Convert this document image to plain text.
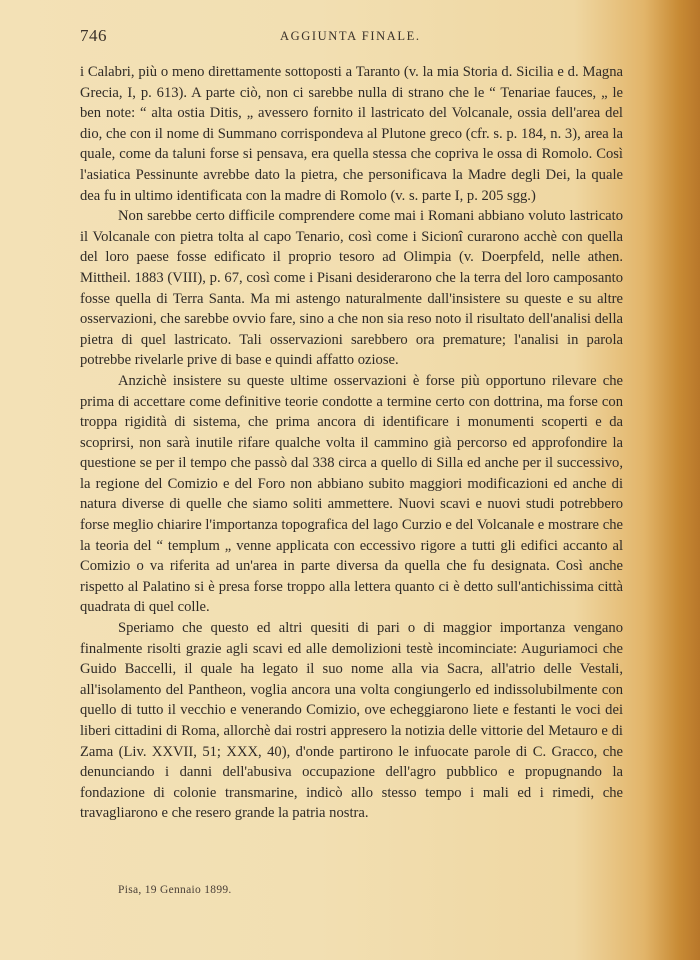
746	AGGIUNTA FINALE.

i Calabri, più o meno direttamente sottoposti a Taranto (v. la mia Storia d. Sicilia e d. Magna Grecia, I, p. 613). A parte ciò, non ci sarebbe nulla di strano che le “ Tenariae fauces, „ le ben note: “ alta ostia Ditis, „ avessero fornito il lastricato del Volcanale, ossia dell'area del dio, che con il nome di Summano corrispondeva al Plutone greco (cfr. s. p. 184, n. 3), area la quale, come da taluni forse si pensava, era quella stessa che copriva le ossa di Romolo. Così l'asiatica Pessinunte avrebbe dato la pietra, che personificava la Madre degli Dei, la quale dea fu in ultimo identificata con la madre di Romolo (v. s. parte I, p. 205 sgg.)

Non sarebbe certo difficile comprendere come mai i Romani abbiano voluto lastricato il Volcanale con pietra tolta al capo Tenario, così come i Sicionî curarono acchè con quella del loro paese fosse edificato il proprio tesoro ad Olimpia (v. Doerpfeld, nelle athen. Mittheil. 1883 (VIII), p. 67, così come i Pisani desiderarono che la terra del loro camposanto fosse quella di Terra Santa. Ma mi astengo naturalmente dall'insistere su queste e su altre osservazioni, che sarebbe ovvio fare, sino a che non sia reso noto il risultato dell'analisi della pietra di quel lastricato. Tali osservazioni sarebbero ora premature; l'analisi in parola potrebbe rivelarle prive di base e quindi affatto oziose.

Anzichè insistere su queste ultime osservazioni è forse più opportuno rilevare che prima di accettare come definitive teorie condotte a termine certo con dottrina, ma forse con troppa rigidità di sistema, che prima ancora di identificare i monumenti scoperti e da scoprirsi, non sarà inutile rifare qualche volta il cammino già percorso ed approfondire la questione se per il tempo che passò dal 338 circa a quello di Silla ed anche per il successivo, la regione del Comizio e del Foro non abbiano subito maggiori modificazioni ed anche di natura diverse di quelle che siamo soliti ammettere. Nuovi scavi e nuovi studi potrebbero forse meglio chiarire l'importanza topografica del lago Curzio e del Volcanale e mostrare che la teoria del “ templum „ venne applicata con eccessivo rigore a tutti gli edifici accanto al Comizio o va riferita ad un'area in parte diversa da quella che fu designata. Così anche rispetto al Palatino si è presa forse troppo alla lettera quanto ci è detto sull'antichissima città quadrata di quel colle.

Speriamo che questo ed altri quesiti di pari o di maggior importanza vengano finalmente risolti grazie agli scavi ed alle demolizioni testè incominciate: Auguriamoci che Guido Baccelli, il quale ha legato il suo nome alla via Sacra, all'atrio delle Vestali, all'isolamento del Pantheon, voglia ancora una volta congiungerlo ed indissolubilmente con quello di tutto il vecchio e venerando Comizio, ove echeggiarono liete e festanti le voci dei liberi cittadini di Roma, allorchè dai rostri appresero la notizia delle vittorie del Metauro e di Zama (Liv. XXVII, 51; XXX, 40), d'onde partirono le infuocate parole di C. Gracco, che denunciando i danni dell'abusiva occupazione dell'agro pubblico e propugnando la fondazione di colonie transmarine, indicò allo stesso tempo i mali ed i rimedi, che travagliarono e che resero grande la patria nostra.

Pisa, 19 Gennaio 1899.
